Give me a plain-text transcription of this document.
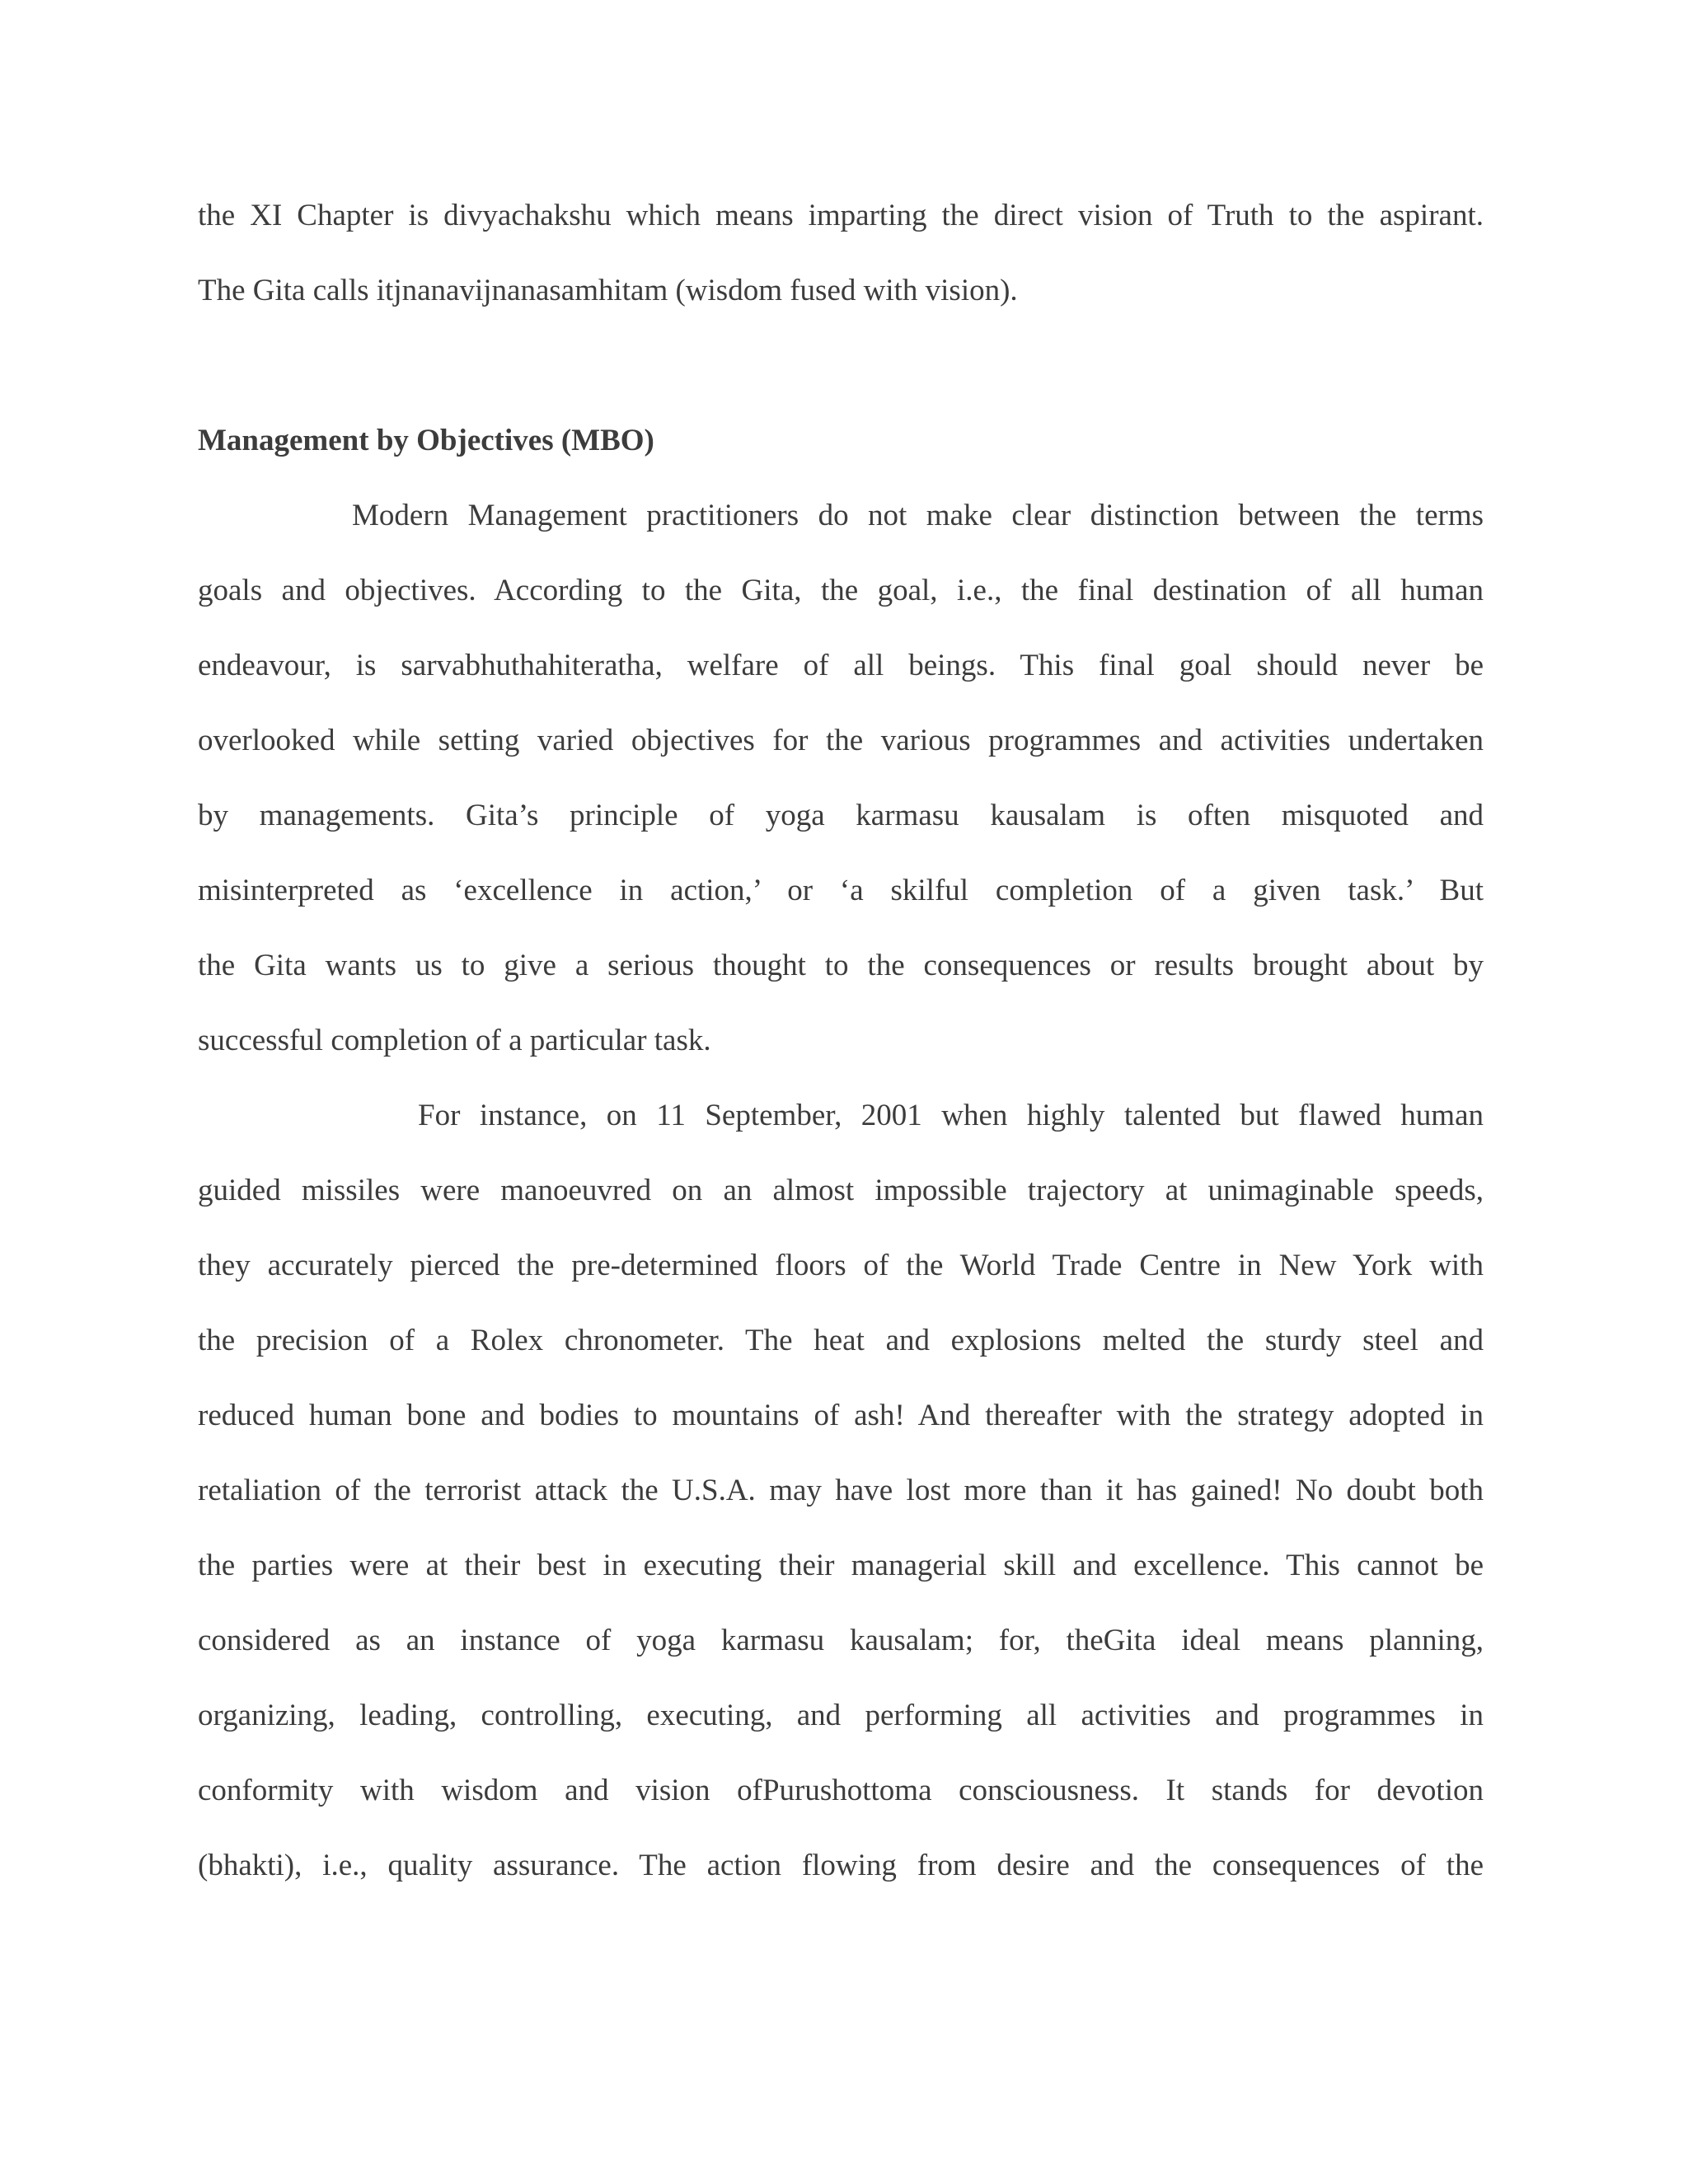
the XI Chapter is divyachakshu which means imparting the direct vision of Truth to the aspirant.
The Gita calls itjnanavijnanasamhitam (wisdom fused with vision).
Management by Objectives (MBO)
Modern Management practitioners do not make clear distinction between the terms
goals and objectives. According to the Gita, the goal, i.e., the final destination of all human
endeavour, is sarvabhuthahiteratha, welfare of all beings. This final goal should never be
overlooked while setting varied objectives for the various programmes and activities undertaken
by managements. Gita’s principle of yoga karmasu kausalam is often misquoted and
misinterpreted as ‘excellence in action,’ or ‘a skilful completion of a given task.’ But
the Gita wants us to give a serious thought to the consequences or results brought about by
successful completion of a particular task.
For instance, on 11 September, 2001 when highly talented but flawed human
guided missiles were manoeuvred on an almost impossible trajectory at unimaginable speeds,
they accurately pierced the pre-determined floors of the World Trade Centre in New York with
the precision of a Rolex chronometer. The heat and explosions melted the sturdy steel and
reduced human bone and bodies to mountains of ash! And thereafter with the strategy adopted in
retaliation of the terrorist attack the U.S.A. may have lost more than it has gained! No doubt both
the parties were at their best in executing their managerial skill and excellence. This cannot be
considered as an instance of yoga karmasu kausalam; for, theGita ideal means planning,
organizing, leading, controlling, executing, and performing all activities and programmes in
conformity with wisdom and vision ofPurushottoma consciousness. It stands for devotion
(bhakti), i.e., quality assurance. The action flowing from desire and the consequences of the
